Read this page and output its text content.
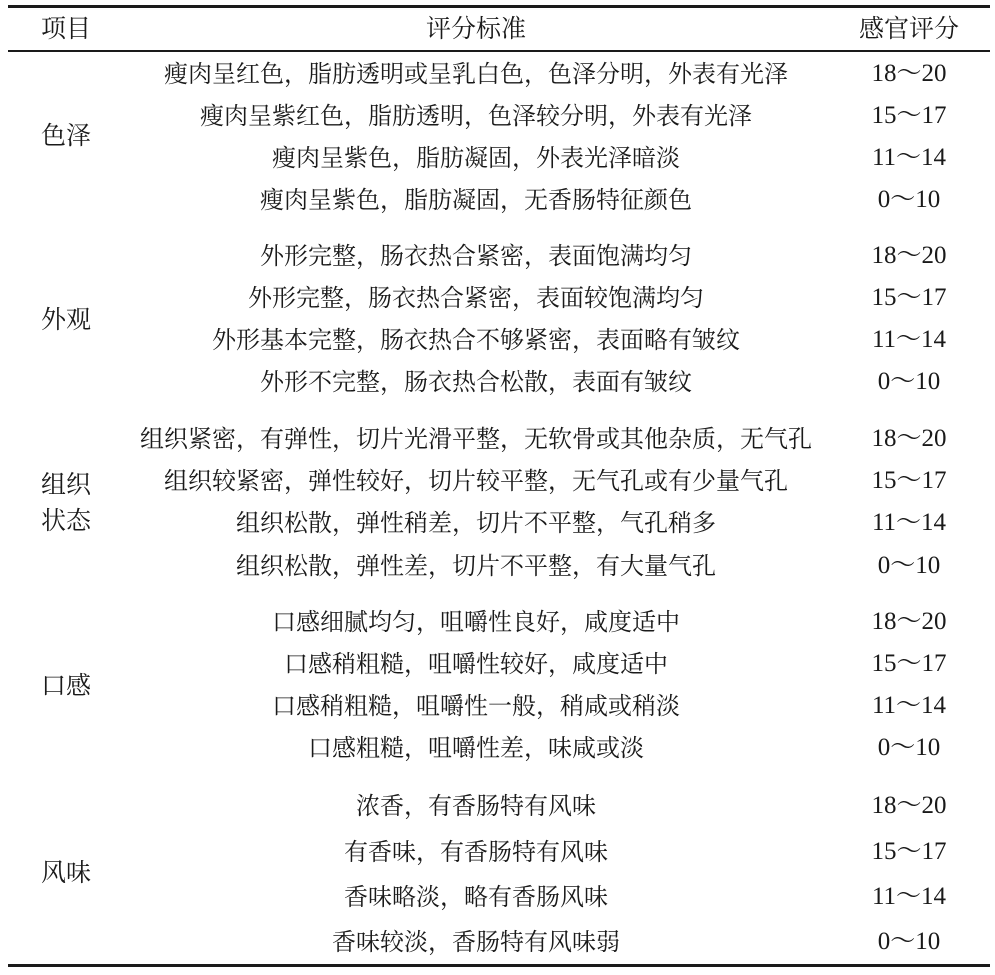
项目	评分标准	感官评分
色泽
瘦肉呈红色，脂肪透明或呈乳白色，色泽分明，外表有光泽	18～20
瘦肉呈紫红色，脂肪透明，色泽较分明，外表有光泽	15～17
瘦肉呈紫色，脂肪凝固，外表光泽暗淡	11～14
瘦肉呈紫色，脂肪凝固，无香肠特征颜色	0～10
外观
外形完整，肠衣热合紧密，表面饱满均匀	18～20
外形完整，肠衣热合紧密，表面较饱满均匀	15～17
外形基本完整，肠衣热合不够紧密，表面略有皱纹	11～14
外形不完整，肠衣热合松散，表面有皱纹	0～10
组织
状态
组织紧密，有弹性，切片光滑平整，无软骨或其他杂质，无气孔 18～20
组织较紧密，弹性较好，切片较平整，无气孔或有少量气孔	15～17
组织松散，弹性稍差，切片不平整，气孔稍多	11～14
组织松散，弹性差，切片不平整，有大量气孔	0～10
口感
口感细腻均匀，咀嚼性良好，咸度适中	18～20
口感稍粗糙，咀嚼性较好，咸度适中	15～17
口感稍粗糙，咀嚼性一般，稍咸或稍淡	11～14
口感粗糙，咀嚼性差，味咸或淡	0～10
风味
浓香，有香肠特有风味	18～20
有香味，有香肠特有风味	15～17
香味略淡，略有香肠风味	11～14
香味较淡，香肠特有风味弱	0～10
